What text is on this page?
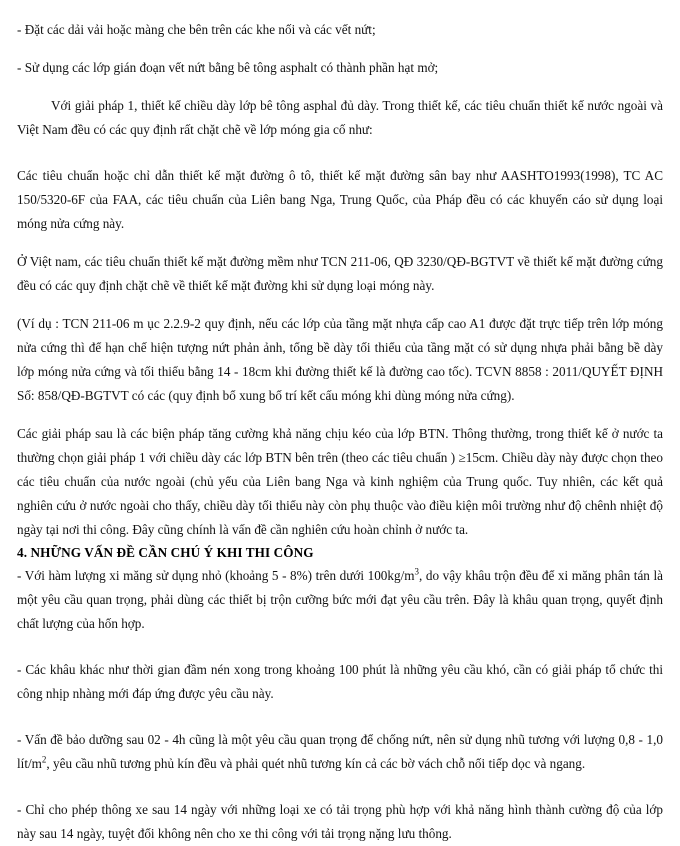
- Đặt các dải vải hoặc màng che bên trên các khe nối và các vết nứt;

- Sử dụng các lớp gián đoạn vết nứt bằng bê tông asphalt có thành phần hạt mở;

Với giải pháp 1, thiết kế chiều dày lớp bê tông asphal đủ dày. Trong thiết kế, các tiêu chuẩn thiết kế nước ngoài và Việt Nam đều có các quy định rất chặt chẽ về lớp móng gia cố như:

Các tiêu chuẩn hoặc chỉ dẫn thiết kế mặt đường ô tô, thiết kế mặt đường sân bay như AASHTO1993(1998), TC AC 150/5320-6F của FAA, các tiêu chuẩn của Liên bang Nga, Trung Quốc, của Pháp đều có các khuyến cáo sử dụng loại móng nửa cứng này.

Ở Việt nam, các tiêu chuẩn thiết kế mặt đường mềm như TCN 211-06, QĐ 3230/QĐ-BGTVT về thiết kế mặt đường cứng đều có các quy định chặt chẽ về thiết kế mặt đường khi sử dụng loại móng này.

(Ví dụ : TCN 211-06 m ục 2.2.9-2 quy định, nếu các lớp của tầng mặt nhựa cấp cao A1 được đặt trực tiếp trên lớp móng nửa cứng thì để hạn chế hiện tượng nứt phản ảnh, tổng bề dày tối thiểu của tầng mặt có sử dụng nhựa phải bằng bề dày lớp móng nửa cứng và tối thiểu bằng 14 - 18cm khi đường thiết kế là đường cao tốc). TCVN 8858 : 2011/QUYẾT ĐỊNH Số: 858/QĐ-BGTVT có các (quy định bổ xung bố trí kết cấu móng khi dùng móng nửa cứng).

Các giải pháp sau là các biện pháp tăng cường khả năng chịu kéo của lớp BTN. Thông thường, trong thiết kế ở nước ta thường chọn giải pháp 1 với chiều dày các lớp BTN bên trên (theo các tiêu chuẩn ) ≥15cm. Chiều dày này được chọn theo các tiêu chuẩn của nước ngoài (chủ yếu của Liên bang Nga và kinh nghiệm của Trung quốc. Tuy nhiên, các kết quả nghiên cứu ở nước ngoài cho thấy, chiều dày tối thiểu này còn phụ thuộc vào điều kiện môi trường như độ chênh nhiệt độ ngày tại nơi thi công. Đây cũng chính là vấn đề cần nghiên cứu hoàn chỉnh ở nước ta.

4. NHỮNG VẤN ĐỀ CẦN CHÚ Ý KHI THI CÔNG

- Với hàm lượng xi măng sử dụng nhỏ (khoảng 5 - 8%) trên dưới $100kg/m^3$, do vậy khâu trộn đều để xi măng phân tán là một yêu cầu quan trọng, phải dùng các thiết bị trộn cưỡng bức mới đạt yêu cầu trên. Đây là khâu quan trọng, quyết định chất lượng của hốn hợp.

- Các khâu khác như thời gian đầm nén xong trong khoảng 100 phút là những yêu cầu khó, cần có giải pháp tổ chức thi công nhịp nhàng mới đáp ứng được yêu cầu này.

- Vấn đề bảo dưỡng sau 02 - 4h cũng là một yêu cầu quan trọng để chống nứt, nên sử dụng nhũ tương với lượng 0,8 - 1,0 lít/$m^2$, yêu cầu nhũ tương phủ kín đều và phải quét nhũ tương kín cả các bờ vách chỗ nối tiếp dọc và ngang.

- Chỉ cho phép thông xe sau 14 ngày với những loại xe có tải trọng phù hợp với khả năng hình thành cường độ của lớp này sau 14 ngày, tuyệt đối không nên cho xe thi công với tải trọng nặng lưu thông.
